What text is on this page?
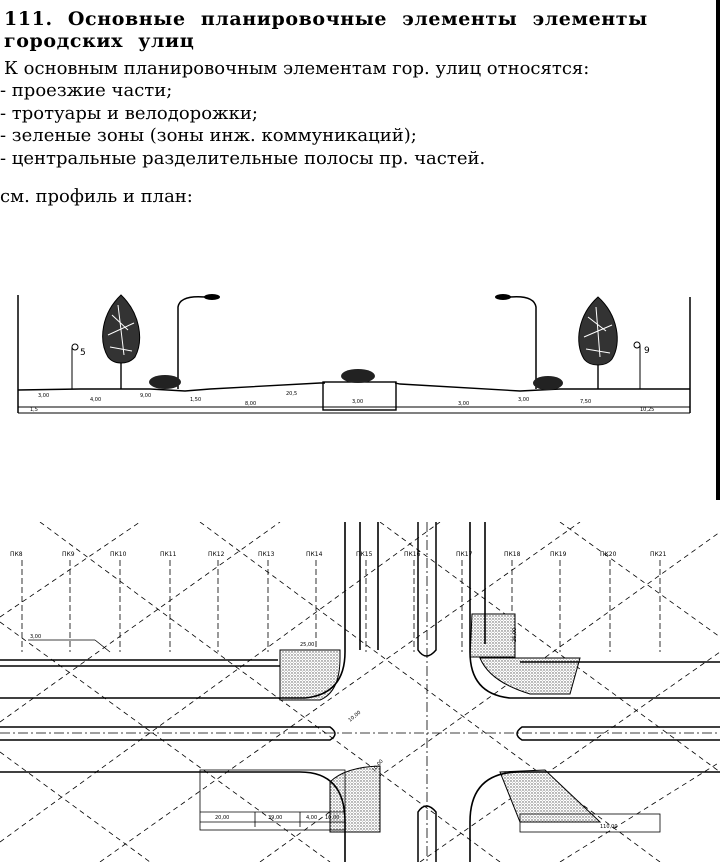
111. Основные планировочные элементы элементы городских улиц
К основным планировочным элементам гор. улиц относятся:
- проезжие части;
- тротуары и велодорожки;
- зеленые зоны (зоны инж. коммуникаций);
- центральные разделительные полосы пр. частей.
см. профиль и план:
5	9
3,00
4,00
9,00
8,00	3,00
1,50
3,00
20,5
3,00	7,50
10,25
1,5
ПК8	ПК9	ПК10	ПК11	ПК12	ПК13	ПК14	ПК15	ПК16	ПК17	ПК18	ПК19	ПК20	ПК21
25,00
3,00
20,00	39,00	4,00
26,00
10,00
10,00
10,00
110,00
